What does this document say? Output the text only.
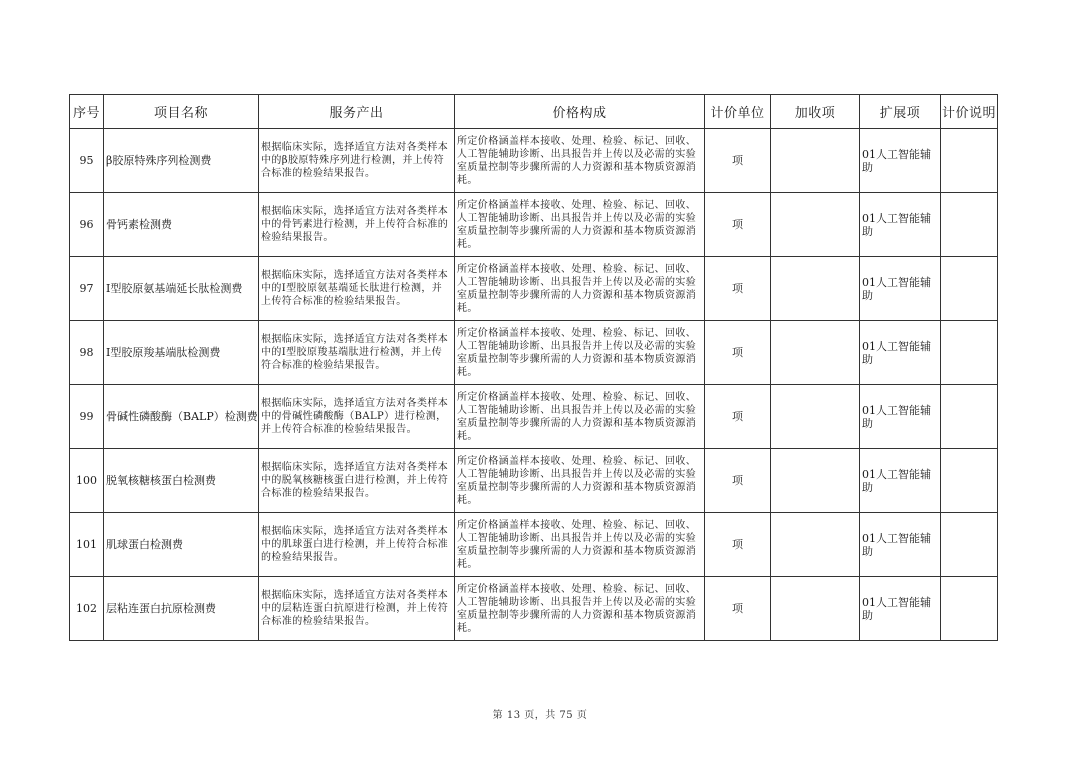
序号	项目名称	服务产出	价格构成	计价单位	加收项	扩展项	计价说明
95	β胶原特殊序列检测费	根据临床实际，选择适宜方法对各类样本中的β胶原特殊序列进行检测，并上传符合标准的检验结果报告。	所定价格涵盖样本接收、处理、检验、标记、回收、人工智能辅助诊断、出具报告并上传以及必需的实验室质量控制等步骤所需的人力资源和基本物质资源消耗。	项		01人工智能辅助	
96	骨钙素检测费	根据临床实际，选择适宜方法对各类样本中的骨钙素进行检测，并上传符合标准的检验结果报告。	所定价格涵盖样本接收、处理、检验、标记、回收、人工智能辅助诊断、出具报告并上传以及必需的实验室质量控制等步骤所需的人力资源和基本物质资源消耗。	项		01人工智能辅助	
97	I型胶原氨基端延长肽检测费	根据临床实际，选择适宜方法对各类样本中的I型胶原氨基端延长肽进行检测，并上传符合标准的检验结果报告。	所定价格涵盖样本接收、处理、检验、标记、回收、人工智能辅助诊断、出具报告并上传以及必需的实验室质量控制等步骤所需的人力资源和基本物质资源消耗。	项		01人工智能辅助	
98	I型胶原羧基端肽检测费	根据临床实际，选择适宜方法对各类样本中的I型胶原羧基端肽进行检测，并上传符合标准的检验结果报告。	所定价格涵盖样本接收、处理、检验、标记、回收、人工智能辅助诊断、出具报告并上传以及必需的实验室质量控制等步骤所需的人力资源和基本物质资源消耗。	项		01人工智能辅助	
99	骨碱性磷酸酶（BALP）检测费	根据临床实际，选择适宜方法对各类样本中的骨碱性磷酸酶（BALP）进行检测，并上传符合标准的检验结果报告。	所定价格涵盖样本接收、处理、检验、标记、回收、人工智能辅助诊断、出具报告并上传以及必需的实验室质量控制等步骤所需的人力资源和基本物质资源消耗。	项		01人工智能辅助	
100	脱氧核糖核蛋白检测费	根据临床实际，选择适宜方法对各类样本中的脱氧核糖核蛋白进行检测，并上传符合标准的检验结果报告。	所定价格涵盖样本接收、处理、检验、标记、回收、人工智能辅助诊断、出具报告并上传以及必需的实验室质量控制等步骤所需的人力资源和基本物质资源消耗。	项		01人工智能辅助	
101	肌球蛋白检测费	根据临床实际，选择适宜方法对各类样本中的肌球蛋白进行检测，并上传符合标准的检验结果报告。	所定价格涵盖样本接收、处理、检验、标记、回收、人工智能辅助诊断、出具报告并上传以及必需的实验室质量控制等步骤所需的人力资源和基本物质资源消耗。	项		01人工智能辅助	
102	层粘连蛋白抗原检测费	根据临床实际，选择适宜方法对各类样本中的层粘连蛋白抗原进行检测，并上传符合标准的检验结果报告。	所定价格涵盖样本接收、处理、检验、标记、回收、人工智能辅助诊断、出具报告并上传以及必需的实验室质量控制等步骤所需的人力资源和基本物质资源消耗。	项		01人工智能辅助	
第 13 页，共 75 页
